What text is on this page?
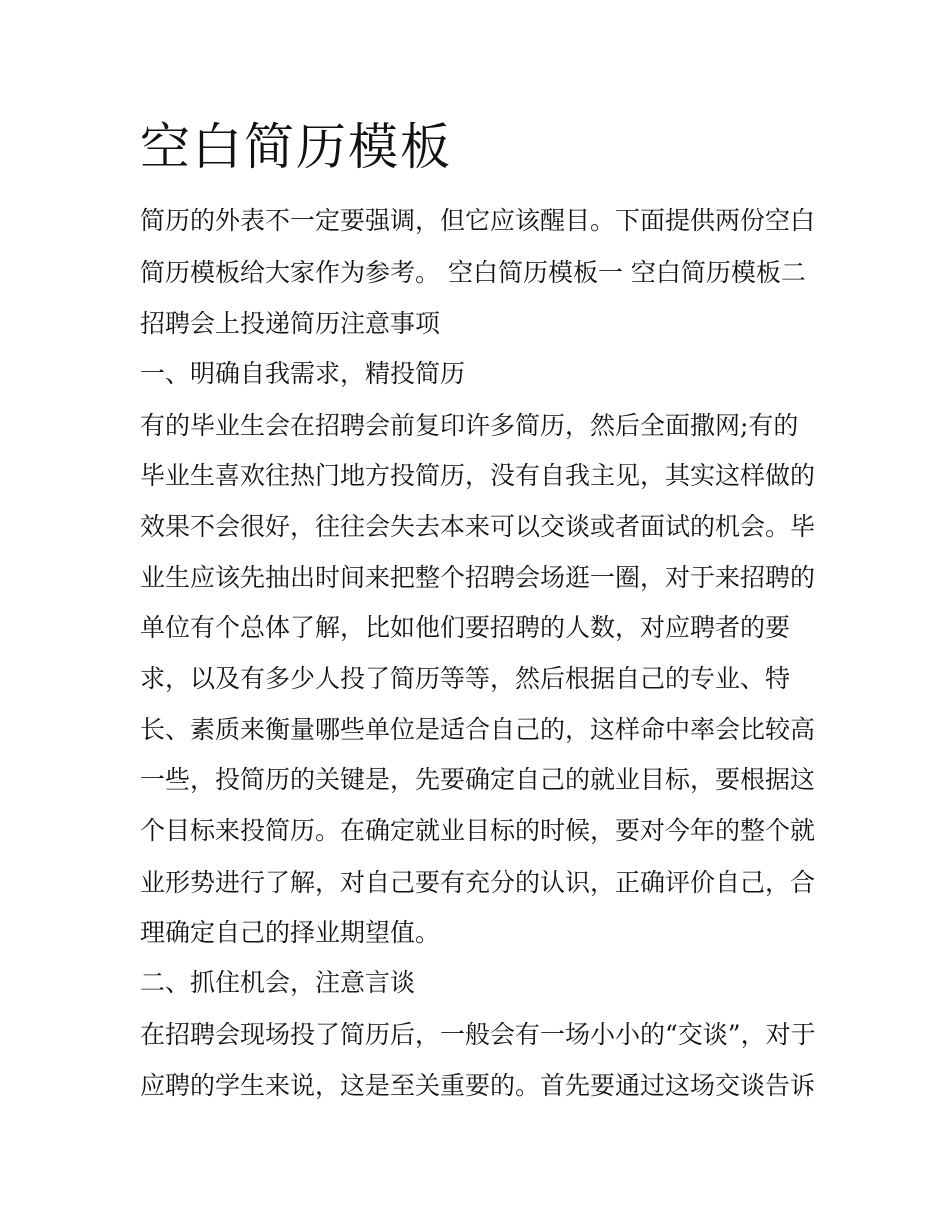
空白简历模板

简历的外表不一定要强调，但它应该醒目。下面提供两份空白

简历模板给大家作为参考。 空白简历模板一 空白简历模板二

招聘会上投递简历注意事项

一、明确自我需求，精投简历

有的毕业生会在招聘会前复印许多简历，然后全面撒网;有的

毕业生喜欢往热门地方投简历，没有自我主见，其实这样做的

效果不会很好，往往会失去本来可以交谈或者面试的机会。毕

业生应该先抽出时间来把整个招聘会场逛一圈，对于来招聘的

单位有个总体了解，比如他们要招聘的人数，对应聘者的要

求，以及有多少人投了简历等等，然后根据自己的专业、特

长、素质来衡量哪些单位是适合自己的，这样命中率会比较高

一些，投简历的关键是，先要确定自己的就业目标，要根据这

个目标来投简历。在确定就业目标的时候，要对今年的整个就

业形势进行了解，对自己要有充分的认识，正确评价自己，合

理确定自己的择业期望值。

二、抓住机会，注意言谈

在招聘会现场投了简历后，一般会有一场小小的“交谈”，对于

应聘的学生来说，这是至关重要的。首先要通过这场交谈告诉
